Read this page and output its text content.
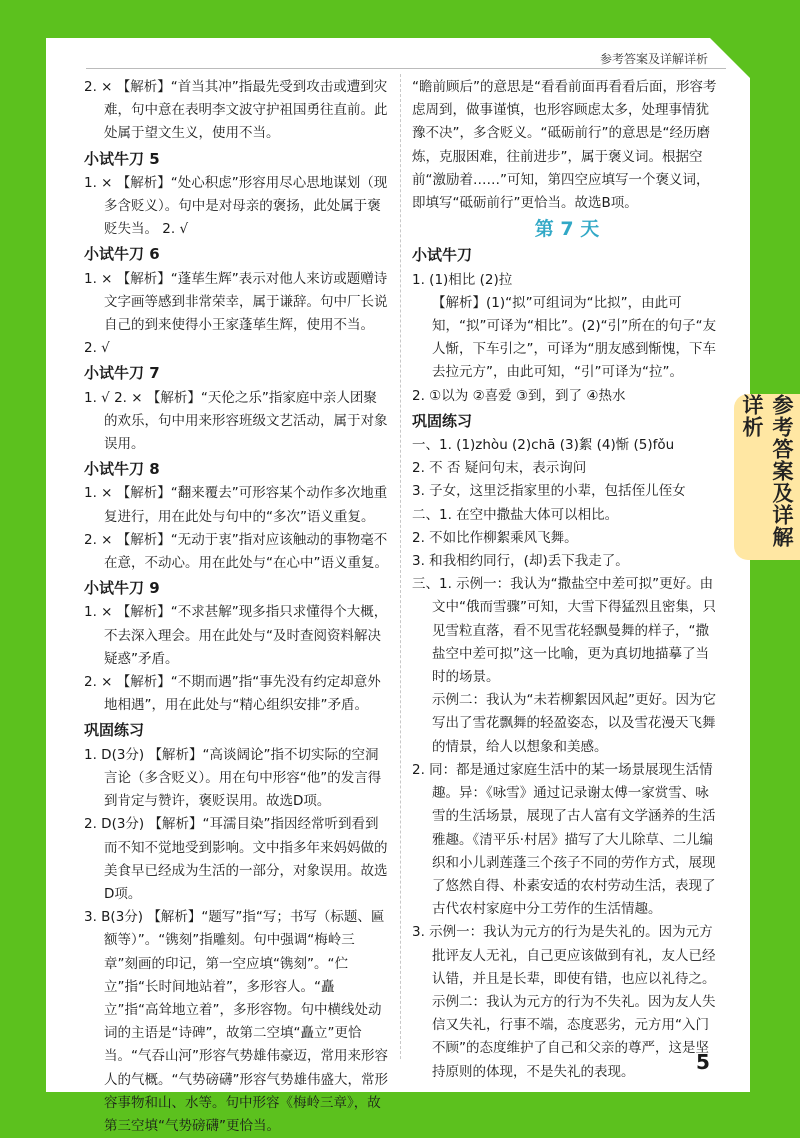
参考答案及详解详析
参考答案及详解详析

2. × 【解析】“首当其冲”指最先受到攻击或遭到灾难，句中意在表明李文波守护祖国勇往直前。此处属于望文生义，使用不当。

小试牛刀 5

1. × 【解析】“处心积虑”形容用尽心思地谋划（现多含贬义）。句中是对母亲的褒扬，此处属于褒贬失当。 2. √

小试牛刀 6

1. × 【解析】“蓬荜生辉”表示对他人来访或题赠诗文字画等感到非常荣幸，属于谦辞。句中厂长说自己的到来使得小王家蓬荜生辉，使用不当。

2. √

小试牛刀 7

1. √ 2. × 【解析】“天伦之乐”指家庭中亲人团聚的欢乐，句中用来形容班级文艺活动，属于对象误用。

小试牛刀 8

1. × 【解析】“翻来覆去”可形容某个动作多次地重复进行，用在此处与句中的“多次”语义重复。

2. × 【解析】“无动于衷”指对应该触动的事物毫不在意，不动心。用在此处与“在心中”语义重复。

小试牛刀 9

1. × 【解析】“不求甚解”现多指只求懂得个大概，不去深入理会。用在此处与“及时查阅资料解决疑惑”矛盾。

2. × 【解析】“不期而遇”指“事先没有约定却意外地相遇”，用在此处与“精心组织安排”矛盾。

巩固练习

1. D(3分) 【解析】“高谈阔论”指不切实际的空洞言论（多含贬义）。用在句中形容“他”的发言得到肯定与赞许，褒贬误用。故选D项。

2. D(3分) 【解析】“耳濡目染”指因经常听到看到而不知不觉地受到影响。文中指多年来妈妈做的美食早已经成为生活的一部分，对象误用。故选D项。

3. B(3分) 【解析】“题写”指“写；书写（标题、匾额等）”。“镌刻”指雕刻。句中强调“梅岭三章”刻画的印记，第一空应填“镌刻”。“伫立”指“长时间地站着”，多形容人。“矗立”指“高耸地立着”，多形容物。句中横线处动词的主语是“诗碑”，故第二空填“矗立”更恰当。“气吞山河”形容气势雄伟豪迈，常用来形容人的气概。“气势磅礴”形容气势雄伟盛大，常形容事物和山、水等。句中形容《梅岭三章》，故第三空填“气势磅礴”更恰当。

“瞻前顾后”的意思是“看看前面再看看后面，形容考虑周到，做事谨慎，也形容顾虑太多，处理事情犹豫不决”，多含贬义。“砥砺前行”的意思是“经历磨炼，克服困难，往前进步”，属于褒义词。根据空前“激励着……”可知，第四空应填写一个褒义词，即填写“砥砺前行”更恰当。故选B项。

第 7 天

小试牛刀

1. (1)相比 (2)拉

【解析】(1)“拟”可组词为“比拟”，由此可知，“拟”可译为“相比”。(2)“引”所在的句子“友人惭，下车引之”，可译为“朋友感到惭愧，下车去拉元方”，由此可知，“引”可译为“拉”。

2. ①以为 ②喜爱 ③到，到了 ④热水

巩固练习

一、1. (1)zhòu (2)chā (3)絮 (4)惭 (5)fǒu

2. 不 否 疑问句末，表示询问

3. 子女，这里泛指家里的小辈，包括侄儿侄女

二、1. 在空中撒盐大体可以相比。

2. 不如比作柳絮乘风飞舞。

3. 和我相约同行，(却)丢下我走了。

三、1. 示例一：我认为“撒盐空中差可拟”更好。由文中“俄而雪骤”可知，大雪下得猛烈且密集，只见雪粒直落，看不见雪花轻飘曼舞的样子，“撒盐空中差可拟”这一比喻，更为真切地描摹了当时的场景。

示例二：我认为“未若柳絮因风起”更好。因为它写出了雪花飘舞的轻盈姿态，以及雪花漫天飞舞的情景，给人以想象和美感。

2. 同：都是通过家庭生活中的某一场景展现生活情趣。异：《咏雪》通过记录谢太傅一家赏雪、咏雪的生活场景，展现了古人富有文学涵养的生活雅趣。《清平乐·村居》描写了大儿除草、二儿编织和小儿剥莲蓬三个孩子不同的劳作方式，展现了悠然自得、朴素安适的农村劳动生活，表现了古代农村家庭中分工劳作的生活情趣。

3. 示例一：我认为元方的行为是失礼的。因为元方批评友人无礼，自己更应该做到有礼，友人已经认错，并且是长辈，即使有错，也应以礼待之。

示例二：我认为元方的行为不失礼。因为友人失信又失礼，行事不端，态度恶劣，元方用“入门不顾”的态度维护了自己和父亲的尊严，这是坚持原则的体现，不是失礼的表现。	5
